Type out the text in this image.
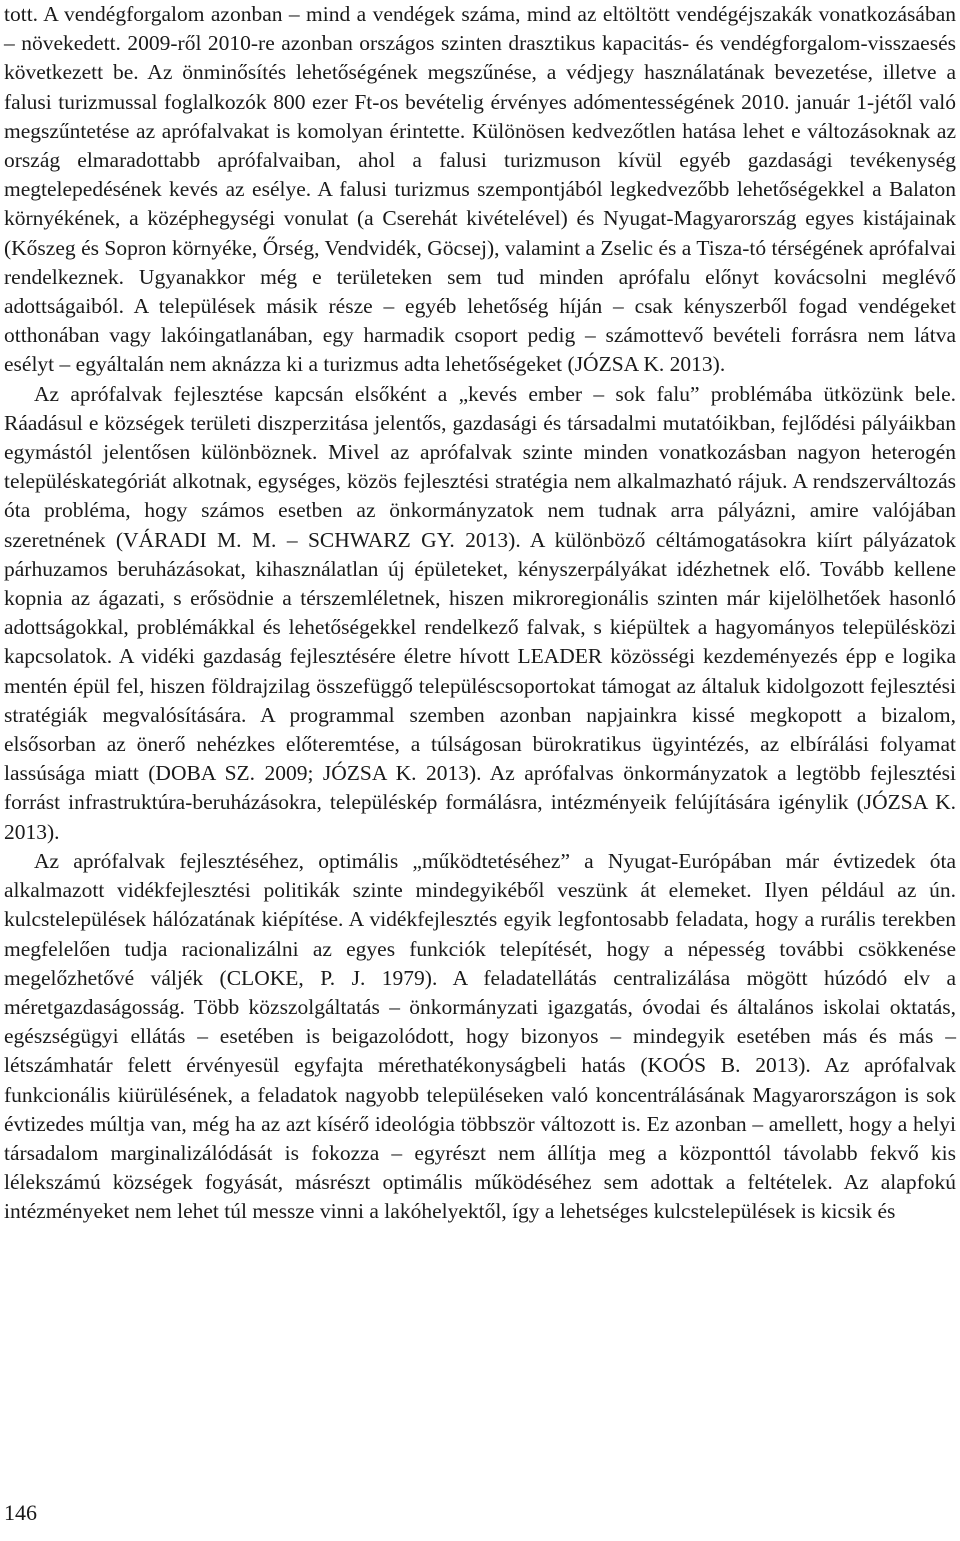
tott. A vendégforgalom azonban – mind a vendégek száma, mind az eltöltött vendégéjszakák vonatkozásában – növekedett. 2009-ről 2010-re azonban országos szinten drasztikus kapacitás- és vendégforgalom-visszaesés következett be. Az önminősítés lehetőségének megszűnése, a védjegy használatának bevezetése, illetve a falusi turizmussal foglalkozók 800 ezer Ft-os bevételig érvényes adómentességének 2010. január 1-jétől való megszűntetése az aprófalvakat is komolyan érintette. Különösen kedvezőtlen hatása lehet e változásoknak az ország elmaradottabb aprófalvaiban, ahol a falusi turizmuson kívül egyéb gazdasági tevékenység megtelepedésének kevés az esélye. A falusi turizmus szempontjából legkedvezőbb lehetőségekkel a Balaton környékének, a középhegységi vonulat (a Cserehát kivételével) és Nyugat-Magyarország egyes kistájainak (Kőszeg és Sopron környéke, Őrség, Vendvidék, Göcsej), valamint a Zselic és a Tisza-tó térségének aprófalvai rendelkeznek. Ugyanakkor még e területeken sem tud minden aprófalu előnyt kovácsolni meglévő adottságaiból. A települések másik része – egyéb lehetőség híján – csak kényszerből fogad vendégeket otthonában vagy lakóingatlanában, egy harmadik csoport pedig – számottevő bevételi forrásra nem látva esélyt – egyáltalán nem aknázza ki a turizmus adta lehetőségeket (JÓZSA K. 2013).

Az aprófalvak fejlesztése kapcsán elsőként a „kevés ember – sok falu” problémába ütközünk bele. Ráadásul e községek területi diszperzitása jelentős, gazdasági és társadalmi mutatóikban, fejlődési pályáikban egymástól jelentősen különböznek. Mivel az aprófalvak szinte minden vonatkozásban nagyon heterogén településkategóriát alkotnak, egységes, közös fejlesztési stratégia nem alkalmazható rájuk. A rendszerváltozás óta probléma, hogy számos esetben az önkormányzatok nem tudnak arra pályázni, amire valójában szeretnének (VÁRADI M. M. – SCHWARZ GY. 2013). A különböző céltámogatásokra kiírt pályázatok párhuzamos beruházásokat, kihasználatlan új épületeket, kényszerpályákat idézhetnek elő. Tovább kellene kopnia az ágazati, s erősödnie a térszemléletnek, hiszen mikroregionális szinten már kijelölhetőek hasonló adottságokkal, problémákkal és lehetőségekkel rendelkező falvak, s kiépültek a hagyományos településközi kapcsolatok. A vidéki gazdaság fejlesztésére életre hívott LEADER közösségi kezdeményezés épp e logika mentén épül fel, hiszen földrajzilag összefüggő településcsoportokat támogat az általuk kidolgozott fejlesztési stratégiák megvalósítására. A programmal szemben azonban napjainkra kissé megkopott a bizalom, elsősorban az önerő nehézkes előteremtése, a túlságosan bürokratikus ügyintézés, az elbírálási folyamat lassúsága miatt (DOBA SZ. 2009; JÓZSA K. 2013). Az aprófalvas önkormányzatok a legtöbb fejlesztési forrást infrastruktúra-beruházásokra, településkép formálásra, intézményeik felújítására igénylik (JÓZSA K. 2013).

Az aprófalvak fejlesztéséhez, optimális „működtetéséhez” a Nyugat-Európában már évtizedek óta alkalmazott vidékfejlesztési politikák szinte mindegyikéből veszünk át elemeket. Ilyen például az ún. kulcstelepülések hálózatának kiépítése. A vidékfejlesztés egyik legfontosabb feladata, hogy a rurális terekben megfelelően tudja racionalizálni az egyes funkciók telepítését, hogy a népesség további csökkenése megelőzhetővé váljék (CLOKE, P. J. 1979). A feladatellátás centralizálása mögött húzódó elv a méretgazdaságosság. Több közszolgáltatás – önkormányzati igazgatás, óvodai és általános iskolai oktatás, egészségügyi ellátás – esetében is beigazolódott, hogy bizonyos – mindegyik esetében más és más – létszámhatár felett érvényesül egyfajta mérethatékonyságbeli hatás (KOÓS B. 2013). Az aprófalvak funkcionális kiürülésének, a feladatok nagyobb településeken való koncentrálásának Magyarországon is sok évtizedes múltja van, még ha az azt kísérő ideológia többször változott is. Ez azonban – amellett, hogy a helyi társadalom marginalizálódását is fokozza – egyrészt nem állítja meg a központtól távolabb fekvő kis lélekszámú községek fogyását, másrészt optimális működéséhez sem adottak a feltételek. Az alapfokú intézményeket nem lehet túl messze vinni a lakóhelyektől, így a lehetséges kulcstelepülések is kicsik és

146
